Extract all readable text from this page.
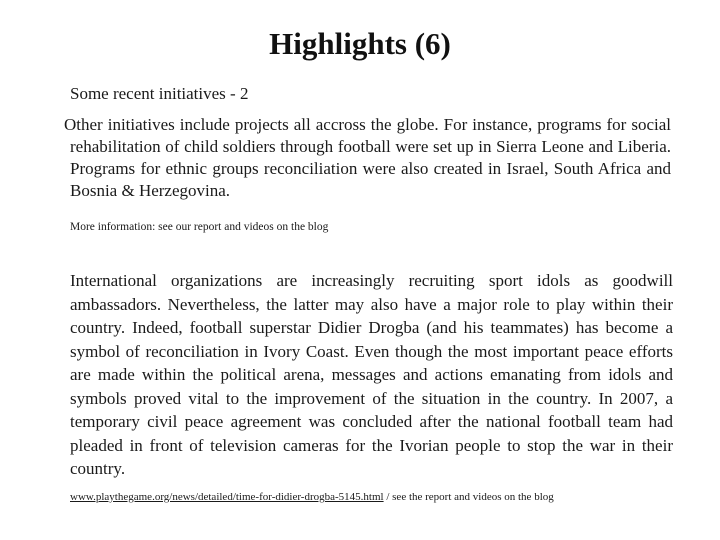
Highlights (6)
Some recent initiatives - 2
Other initiatives include projects all accross the globe. For instance, programs for social rehabilitation of child soldiers through football were set up in Sierra Leone and Liberia. Programs for ethnic groups reconciliation were also created in Israel, South Africa and Bosnia & Herzegovina.
More information: see our report and videos on the blog
International organizations are increasingly recruiting sport idols as goodwill ambassadors. Nevertheless, the latter may also have a major role to play within their country. Indeed, football superstar Didier Drogba (and his teammates) has become a symbol of reconciliation in Ivory Coast. Even though the most important peace efforts are made within the political arena, messages and actions emanating from idols and symbols proved vital to the improvement of the situation in the country. In 2007, a temporary civil peace agreement was concluded after the national football team had pleaded in front of television cameras for the Ivorian people to stop the war in their country.
www.playthegame.org/news/detailed/time-for-didier-drogba-5145.html / see the report and videos on the blog
